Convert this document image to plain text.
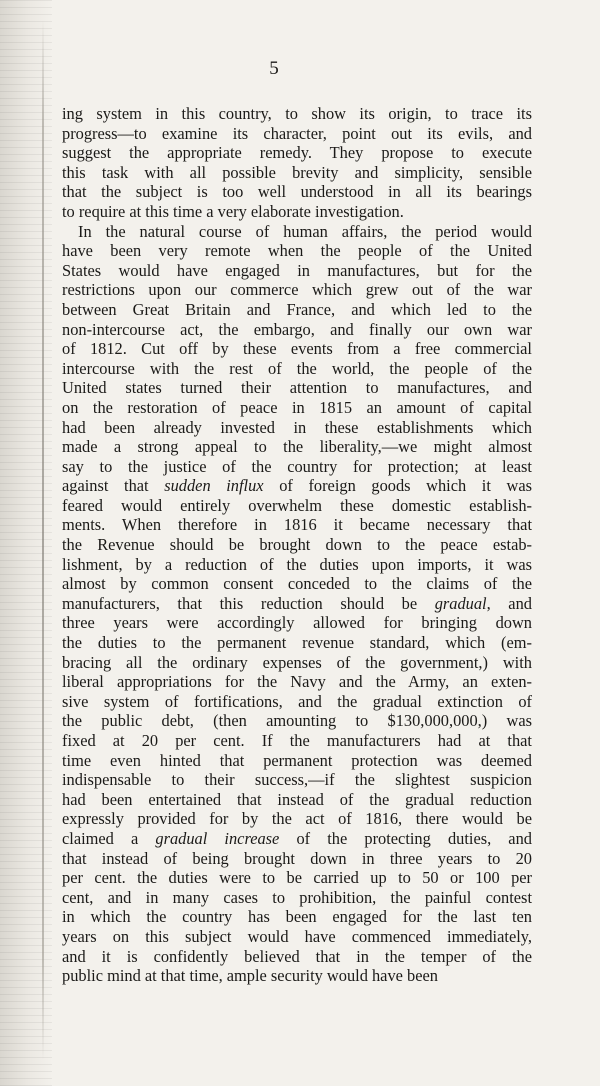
5
ing system in this country, to show its origin, to trace its
progress—to examine its character, point out its evils, and
suggest the appropriate remedy. They propose to execute
this task with all possible brevity and simplicity, sensible
that the subject is too well understood in all its bearings
to require at this time a very elaborate investigation.
In the natural course of human affairs, the period would
have been very remote when the people of the United
States would have engaged in manufactures, but for the
restrictions upon our commerce which grew out of the war
between Great Britain and France, and which led to the
non-intercourse act, the embargo, and finally our own war
of 1812. Cut off by these events from a free commercial
intercourse with the rest of the world, the people of the
United states turned their attention to manufactures, and
on the restoration of peace in 1815 an amount of capital
had been already invested in these establishments which
made a strong appeal to the liberality,—we might almost
say to the justice of the country for protection; at least
against that sudden influx of foreign goods which it was
feared would entirely overwhelm these domestic establish-
ments. When therefore in 1816 it became necessary that
the Revenue should be brought down to the peace estab-
lishment, by a reduction of the duties upon imports, it was
almost by common consent conceded to the claims of the
manufacturers, that this reduction should be gradual, and
three years were accordingly allowed for bringing down
the duties to the permanent revenue standard, which (em-
bracing all the ordinary expenses of the government,) with
liberal appropriations for the Navy and the Army, an exten-
sive system of fortifications, and the gradual extinction of
the public debt, (then amounting to $130,000,000,) was
fixed at 20 per cent. If the manufacturers had at that
time even hinted that permanent protection was deemed
indispensable to their success,—if the slightest suspicion
had been entertained that instead of the gradual reduction
expressly provided for by the act of 1816, there would be
claimed a gradual increase of the protecting duties, and
that instead of being brought down in three years to 20
per cent. the duties were to be carried up to 50 or 100 per
cent, and in many cases to prohibition, the painful contest
in which the country has been engaged for the last ten
years on this subject would have commenced immediately,
and it is confidently believed that in the temper of the
public mind at that time, ample security would have been
